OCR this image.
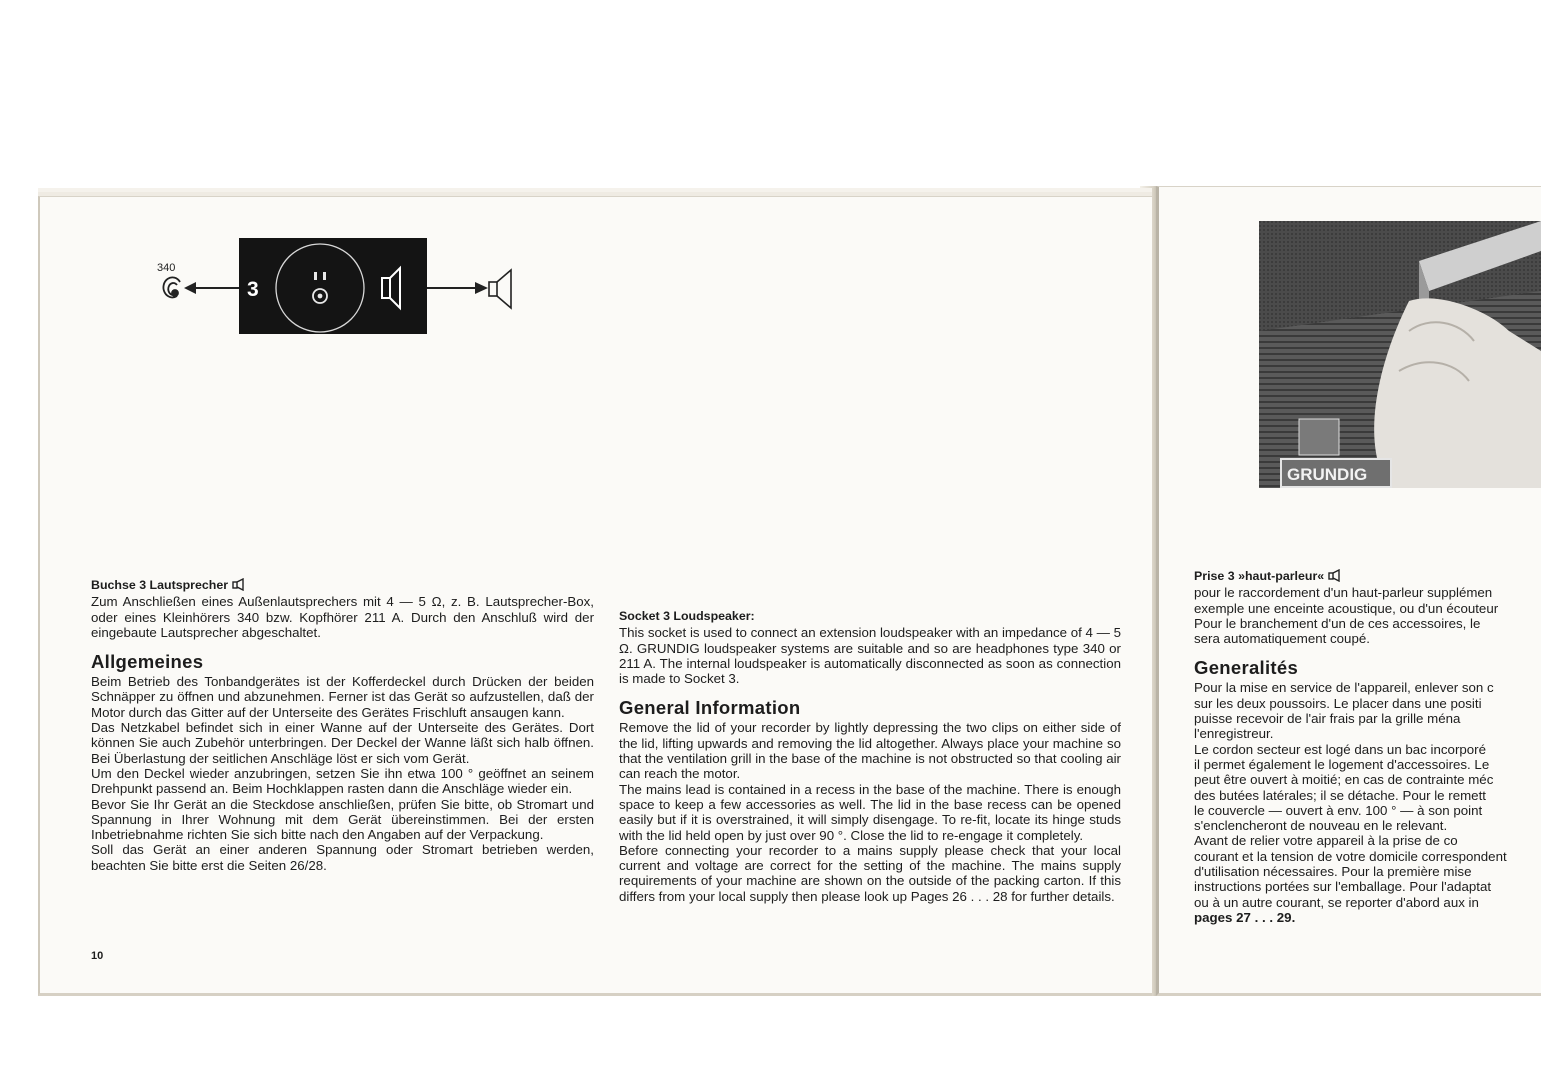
340
3
Buchse 3 Lautsprecher

Zum Anschließen eines Außenlautsprechers mit 4 — 5 Ω, z. B. Lautsprecher-Box, oder eines Kleinhörers 340 bzw. Kopfhörer 211 A. Durch den Anschluß wird der eingebaute Lautsprecher abgeschaltet.

Allgemeines

Beim Betrieb des Tonbandgerätes ist der Kofferdeckel durch Drücken der beiden Schnäpper zu öffnen und abzunehmen. Ferner ist das Gerät so aufzustellen, daß der Motor durch das Gitter auf der Unterseite des Gerätes Frischluft ansaugen kann.

Das Netzkabel befindet sich in einer Wanne auf der Unterseite des Gerätes. Dort können Sie auch Zubehör unterbringen. Der Deckel der Wanne läßt sich halb öffnen. Bei Überlastung der seitlichen Anschläge löst er sich vom Gerät.

Um den Deckel wieder anzubringen, setzen Sie ihn etwa 100 ° geöffnet an seinem Drehpunkt passend an. Beim Hochklappen rasten dann die Anschläge wieder ein.

Bevor Sie Ihr Gerät an die Steckdose anschließen, prüfen Sie bitte, ob Stromart und Spannung in Ihrer Wohnung mit dem Gerät übereinstimmen. Bei der ersten Inbetriebnahme richten Sie sich bitte nach den Angaben auf der Verpackung.

Soll das Gerät an einer anderen Spannung oder Stromart betrieben werden, beachten Sie bitte erst die Seiten 26/28.

10
Socket 3 Loudspeaker:

This socket is used to connect an extension loudspeaker with an impedance of 4 — 5 Ω. GRUNDIG loudspeaker systems are suitable and so are headphones type 340 or 211 A. The internal loudspeaker is automatically disconnected as soon as connection is made to Socket 3.

General Information

Remove the lid of your recorder by lightly depressing the two clips on either side of the lid, lifting upwards and removing the lid altogether. Always place your machine so that the ventilation grill in the base of the machine is not obstructed so that cooling air can reach the motor.

The mains lead is contained in a recess in the base of the machine. There is enough space to keep a few accessories as well. The lid in the base recess can be opened easily but if it is overstrained, it will simply disengage. To re-fit, locate its hinge studs with the lid held open by just over 90 °. Close the lid to re-engage it completely.

Before connecting your recorder to a mains supply please check that your local current and voltage are correct for the setting of the machine. The mains supply requirements of your machine are shown on the outside of the packing carton. If this differs from your local supply then please look up Pages 26 . . . 28 for further details.

GRUNDIG
Prise 3 »haut-parleur«
pour le raccordement d'un haut-parleur supplémen
exemple une enceinte acoustique, ou d'un écouteur
Pour le branchement d'un de ces accessoires, le
sera automatiquement coupé.
Generalités
Pour la mise en service de l'appareil, enlever son c
sur les deux poussoirs. Le placer dans une positi
puisse recevoir de l'air frais par la grille ména
l'enregistreur.
Le cordon secteur est logé dans un bac incorporé
il permet également le logement d'accessoires. Le
peut être ouvert à moitié; en cas de contrainte méc
des butées latérales; il se détache. Pour le remett
le couvercle — ouvert à env. 100 ° — à son point
s'enclencheront de nouveau en le relevant.
Avant de relier votre appareil à la prise de co
courant et la tension de votre domicile correspondent
d'utilisation nécessaires. Pour la première mise
instructions portées sur l'emballage. Pour l'adaptat
ou à un autre courant, se reporter d'abord aux in
pages 27 . . . 29.
